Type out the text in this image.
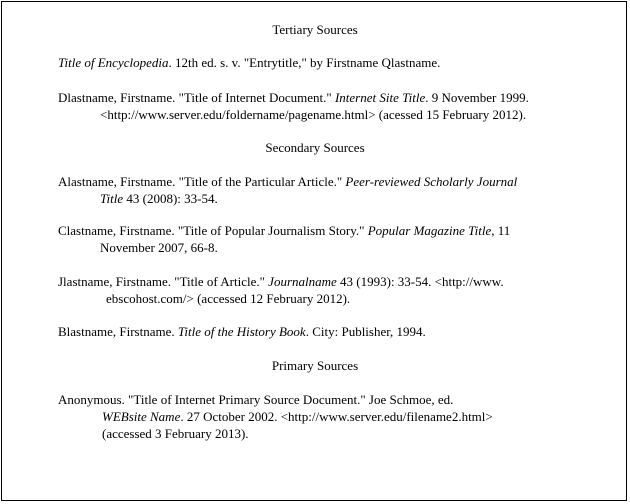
Tertiary Sources
Title of Encyclopedia. 12th ed. s. v. "Entrytitle," by Firstname Qlastname.
Dlastname, Firstname. "Title of Internet Document." Internet Site Title. 9 November 1999.
<http://www.server.edu/foldername/pagename.html> (acessed 15 February 2012).
Secondary Sources
Alastname, Firstname. "Title of the Particular Article." Peer-reviewed Scholarly Journal
Title 43 (2008): 33-54.
Clastname, Firstname. "Title of Popular Journalism Story." Popular Magazine Title, 11
November 2007, 66-8.
Jlastname, Firstname. "Title of Article." Journalname 43 (1993): 33-54. <http://www.
ebscohost.com/> (accessed 12 February 2012).
Blastname, Firstname. Title of the History Book. City: Publisher, 1994.
Primary Sources
Anonymous. "Title of Internet Primary Source Document." Joe Schmoe, ed.
WEBsite Name. 27 October 2002. <http://www.server.edu/filename2.html>
(accessed 3 February 2013).
